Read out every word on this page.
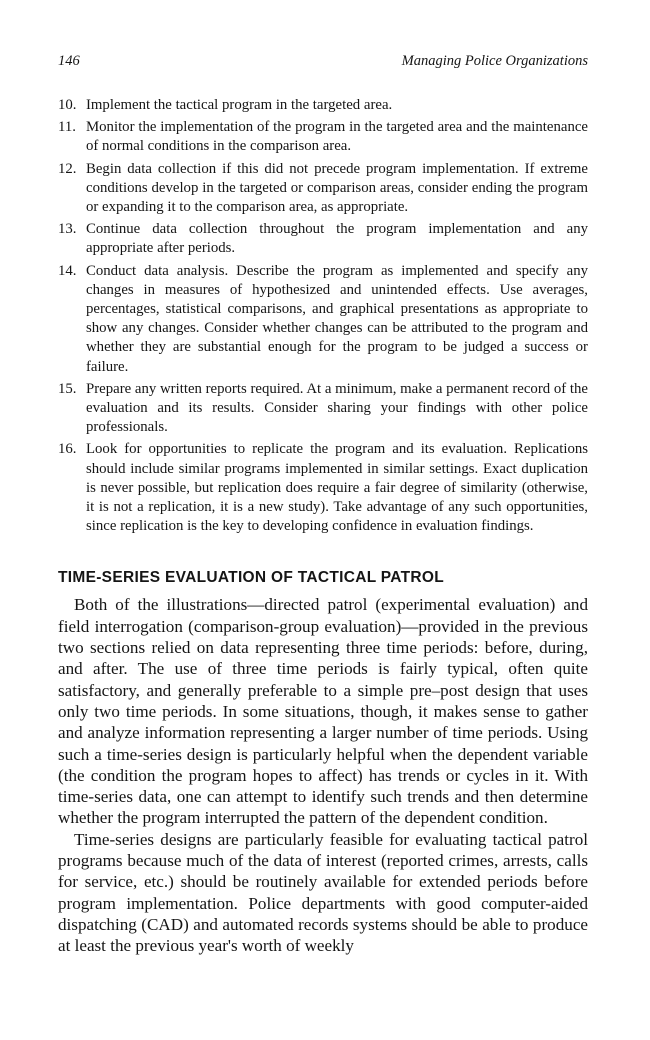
146	Managing Police Organizations
10. Implement the tactical program in the targeted area.
11. Monitor the implementation of the program in the targeted area and the maintenance of normal conditions in the comparison area.
12. Begin data collection if this did not precede program implementation. If extreme conditions develop in the targeted or comparison areas, consider ending the program or expanding it to the comparison area, as appropriate.
13. Continue data collection throughout the program implementation and any appropriate after periods.
14. Conduct data analysis. Describe the program as implemented and specify any changes in measures of hypothesized and unintended effects. Use averages, percentages, statistical comparisons, and graphical presentations as appropriate to show any changes. Consider whether changes can be attributed to the program and whether they are substantial enough for the program to be judged a success or failure.
15. Prepare any written reports required. At a minimum, make a permanent record of the evaluation and its results. Consider sharing your findings with other police professionals.
16. Look for opportunities to replicate the program and its evaluation. Replications should include similar programs implemented in similar settings. Exact duplication is never possible, but replication does require a fair degree of similarity (otherwise, it is not a replication, it is a new study). Take advantage of any such opportunities, since replication is the key to developing confidence in evaluation findings.
TIME-SERIES EVALUATION OF TACTICAL PATROL

Both of the illustrations—directed patrol (experimental evaluation) and field interrogation (comparison-group evaluation)—provided in the previous two sections relied on data representing three time periods: before, during, and after. The use of three time periods is fairly typical, often quite satisfactory, and generally preferable to a simple pre–post design that uses only two time periods. In some situations, though, it makes sense to gather and analyze information representing a larger number of time periods. Using such a time-series design is particularly helpful when the dependent variable (the condition the program hopes to affect) has trends or cycles in it. With time-series data, one can attempt to identify such trends and then determine whether the program interrupted the pattern of the dependent condition.

Time-series designs are particularly feasible for evaluating tactical patrol programs because much of the data of interest (reported crimes, arrests, calls for service, etc.) should be routinely available for extended periods before program implementation. Police departments with good computer-aided dispatching (CAD) and automated records systems should be able to produce at least the previous year's worth of weekly
